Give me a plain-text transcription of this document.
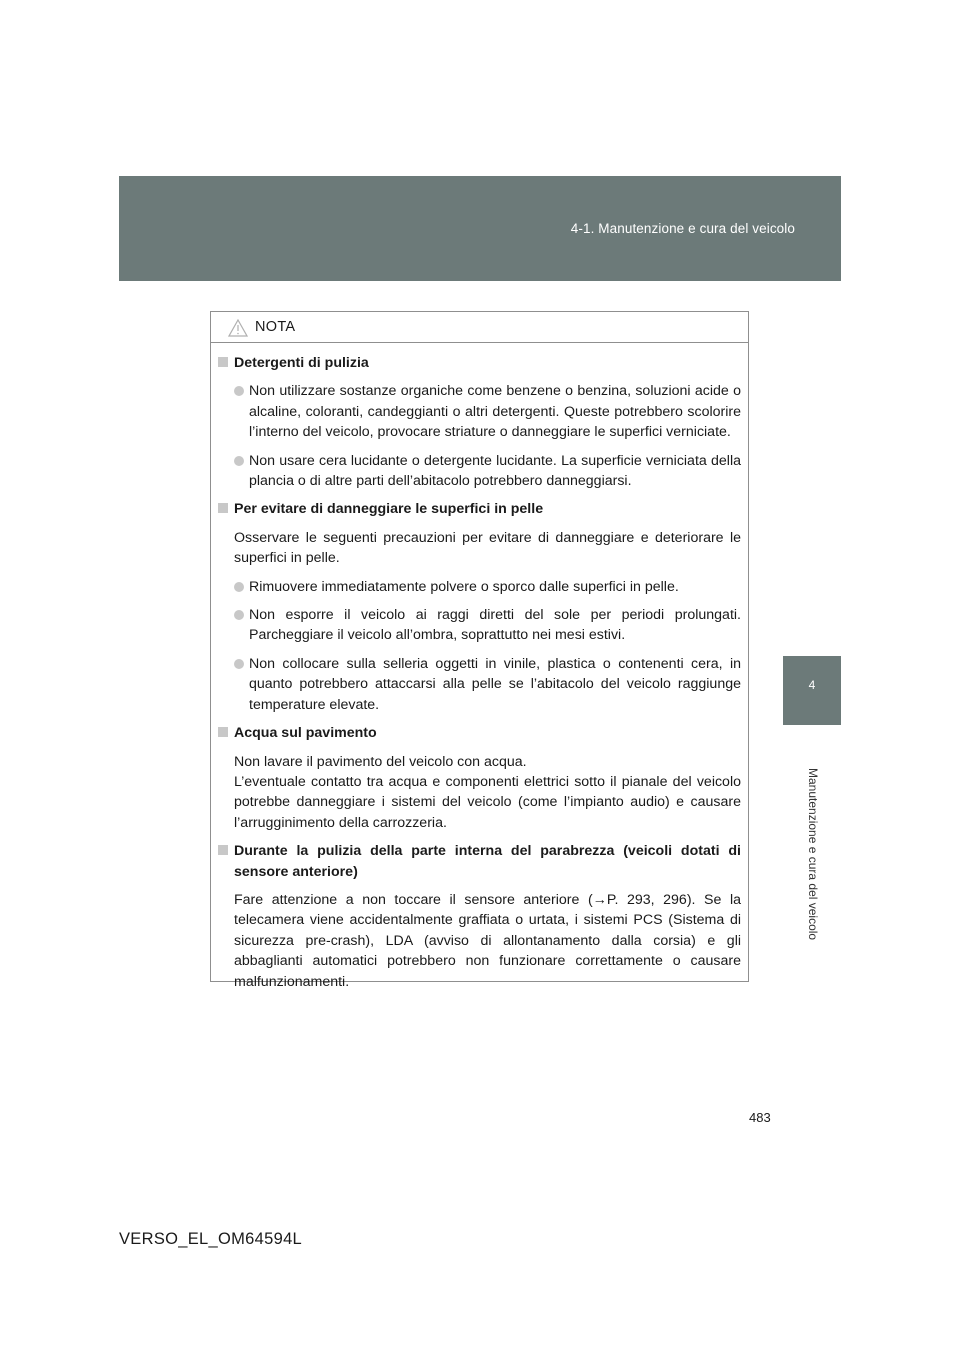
4-1. Manutenzione e cura del veicolo
4
Manutenzione e cura del veicolo
NOTA
Detergenti di pulizia
Non utilizzare sostanze organiche come benzene o benzina, soluzioni acide o alcaline, coloranti, candeggianti o altri detergenti. Queste potrebbero scolorire l’interno del veicolo, provocare striature o danneggiare le superfici verniciate.
Non usare cera lucidante o detergente lucidante. La superficie verniciata della plancia o di altre parti dell’abitacolo potrebbero danneggiarsi.
Per evitare di danneggiare le superfici in pelle
Osservare le seguenti precauzioni per evitare di danneggiare e deteriorare le superfici in pelle.
Rimuovere immediatamente polvere o sporco dalle superfici in pelle.
Non esporre il veicolo ai raggi diretti del sole per periodi prolungati. Parcheggiare il veicolo all’ombra, soprattutto nei mesi estivi.
Non collocare sulla selleria oggetti in vinile, plastica o contenenti cera, in quanto potrebbero attaccarsi alla pelle se l’abitacolo del veicolo raggiunge temperature elevate.
Acqua sul pavimento
Non lavare il pavimento del veicolo con acqua.
L’eventuale contatto tra acqua e componenti elettrici sotto il pianale del veicolo potrebbe danneggiare i sistemi del veicolo (come l’impianto audio) e causare l’arrugginimento della carrozzeria.
Durante la pulizia della parte interna del parabrezza (veicoli dotati di sensore anteriore)
Fare attenzione a non toccare il sensore anteriore (→P. 293, 296). Se la telecamera viene accidentalmente graffiata o urtata, i sistemi PCS (Sistema di sicurezza pre-crash), LDA (avviso di allontanamento dalla corsia) e gli abbaglianti automatici potrebbero non funzionare correttamente o causare malfunzionamenti.
483
VERSO_EL_OM64594L
